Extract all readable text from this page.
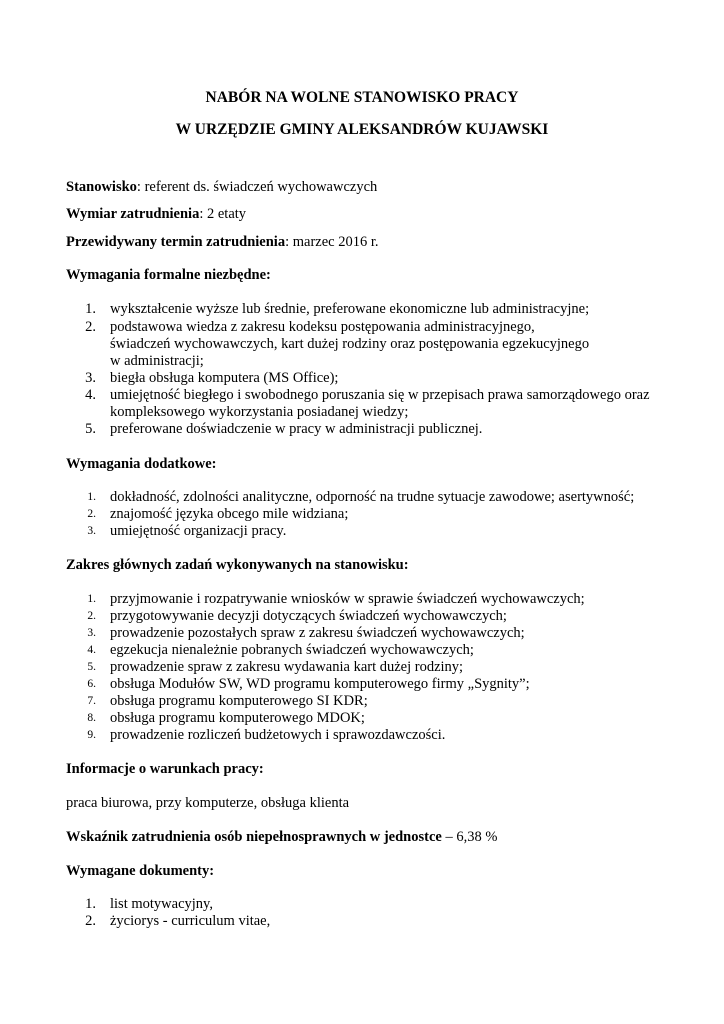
NABÓR NA WOLNE STANOWISKO PRACY
W URZĘDZIE GMINY ALEKSANDRÓW KUJAWSKI
Stanowisko: referent ds. świadczeń wychowawczych
Wymiar zatrudnienia: 2 etaty
Przewidywany termin zatrudnienia: marzec 2016 r.
Wymagania formalne niezbędne:
1. wykształcenie wyższe lub średnie, preferowane ekonomiczne lub administracyjne;
2. podstawowa wiedza z zakresu kodeksu postępowania administracyjnego,
świadczeń wychowawczych, kart dużej rodziny oraz postępowania egzekucyjnego
w administracji;
3. biegła obsługa komputera (MS Office);
4. umiejętność biegłego i swobodnego poruszania się w przepisach prawa samorządowego oraz
kompleksowego wykorzystania posiadanej wiedzy;
5. preferowane doświadczenie w pracy w administracji publicznej.
Wymagania dodatkowe:
1. dokładność, zdolności analityczne, odporność na trudne sytuacje zawodowe; asertywność;
2. znajomość języka obcego mile widziana;
3. umiejętność organizacji pracy.
Zakres głównych zadań wykonywanych na stanowisku:
1. przyjmowanie i rozpatrywanie wniosków w sprawie świadczeń wychowawczych;
2. przygotowywanie decyzji dotyczących świadczeń wychowawczych;
3. prowadzenie pozostałych spraw z zakresu świadczeń wychowawczych;
4. egzekucja nienależnie pobranych świadczeń wychowawczych;
5. prowadzenie spraw z zakresu wydawania kart dużej rodziny;
6. obsługa Modułów SW, WD programu komputerowego firmy „Sygnity”;
7. obsługa programu komputerowego SI KDR;
8. obsługa programu komputerowego MDOK;
9. prowadzenie rozliczeń budżetowych i sprawozdawczości.
Informacje o warunkach pracy:
praca biurowa, przy komputerze, obsługa klienta
Wskaźnik zatrudnienia osób niepełnosprawnych w jednostce – 6,38 %
Wymagane dokumenty:
1. list motywacyjny,
2. życiorys - curriculum vitae,
